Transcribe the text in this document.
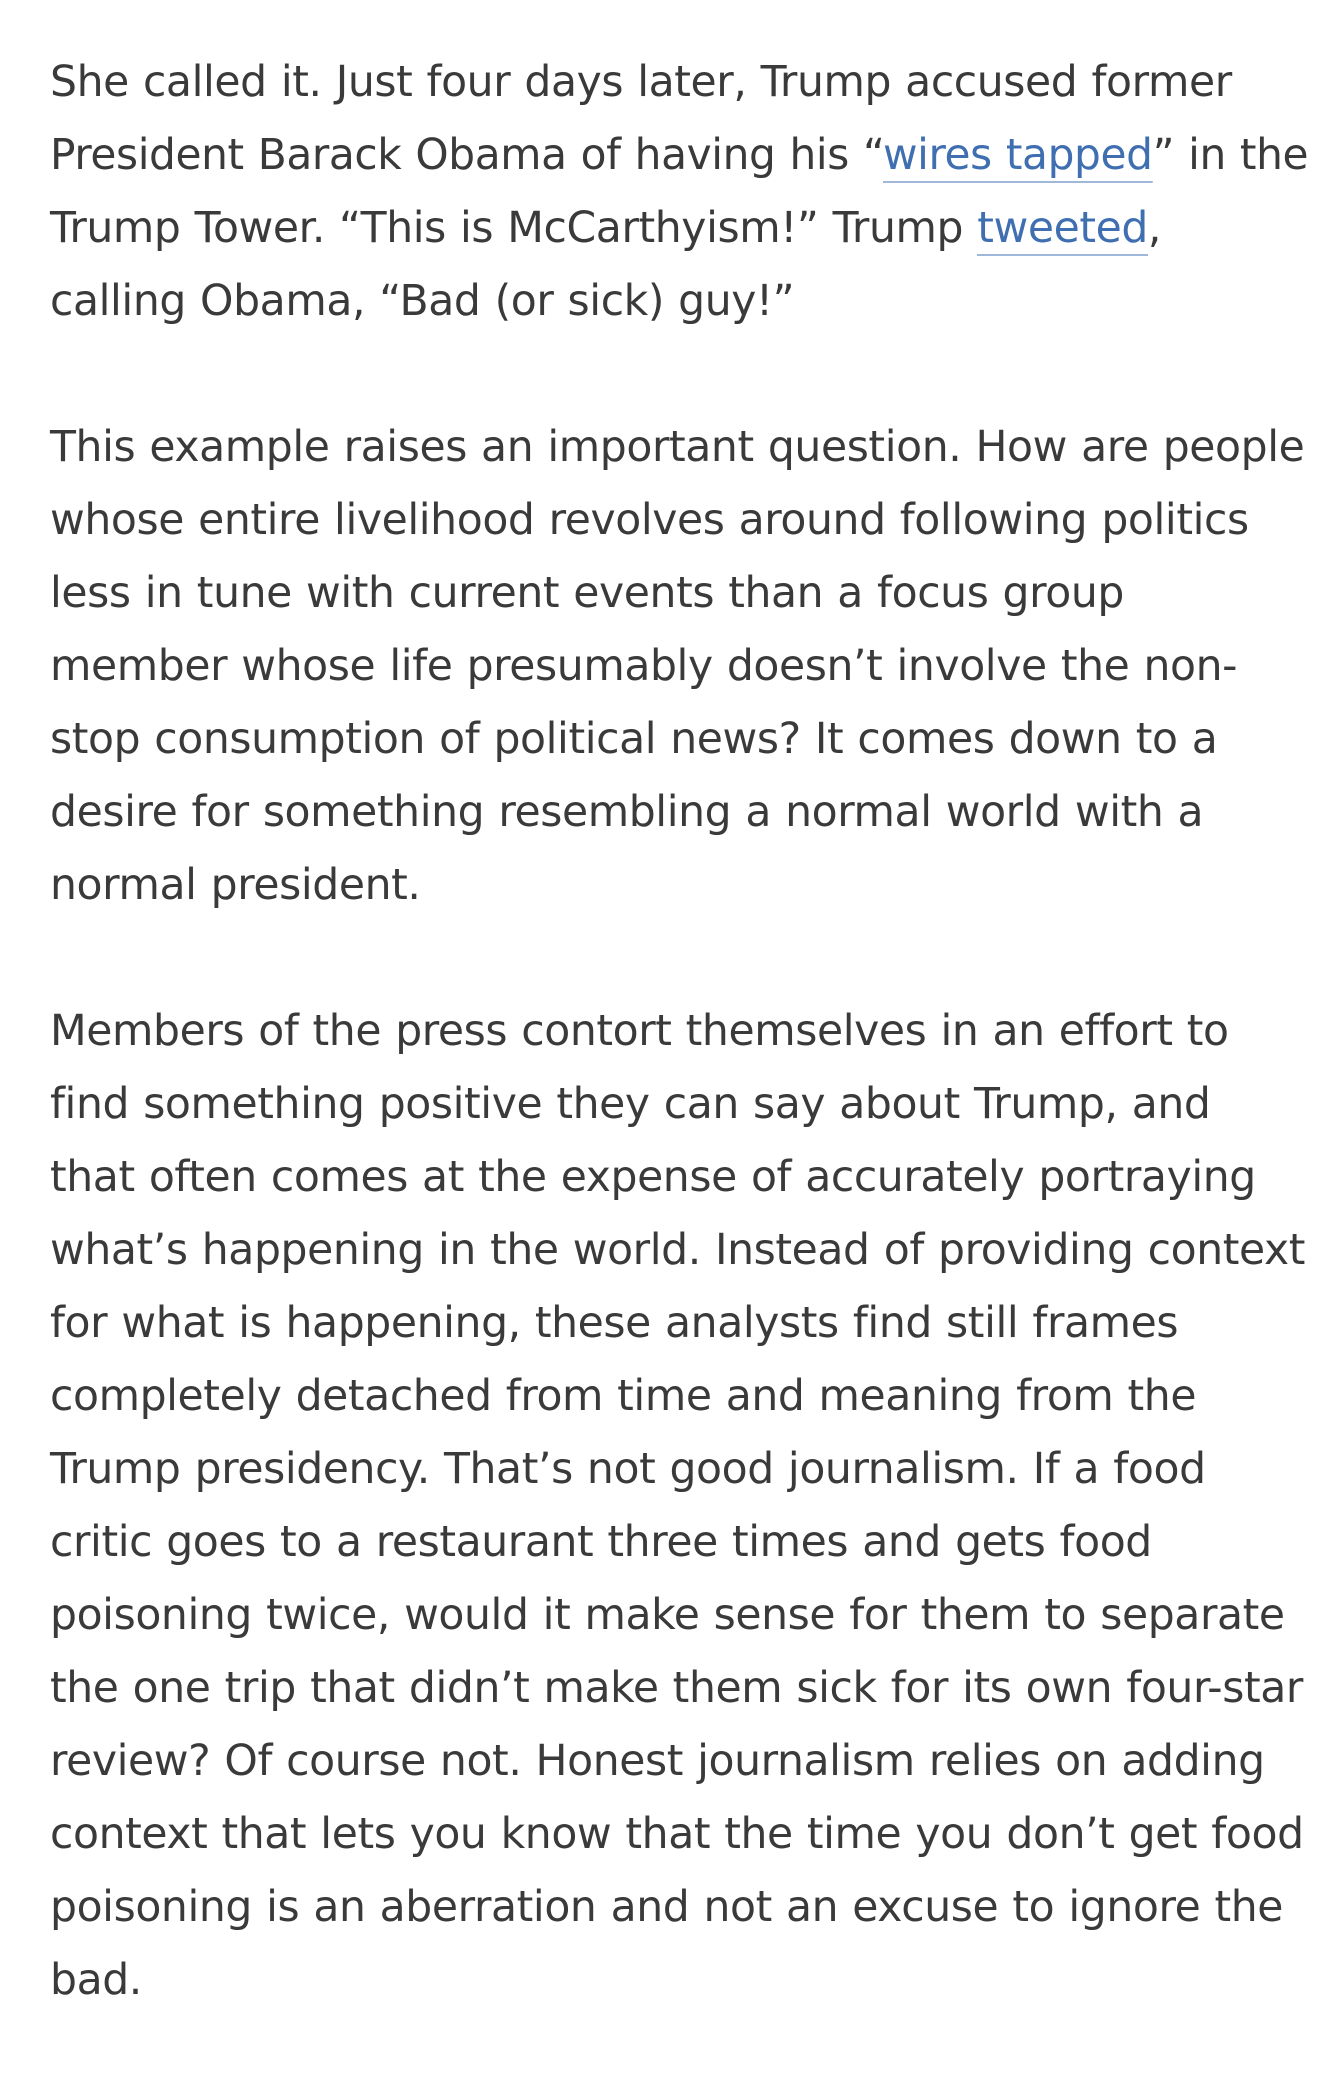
She called it. Just four days later, Trump accused former
President Barack Obama of having his “wires tapped” in the
Trump Tower. “This is McCarthyism!” Trump tweeted,
calling Obama, “Bad (or sick) guy!”

This example raises an important question. How are people
whose entire livelihood revolves around following politics
less in tune with current events than a focus group
member whose life presumably doesn’t involve the non-
stop consumption of political news? It comes down to a
desire for something resembling a normal world with a
normal president.

Members of the press contort themselves in an effort to
find something positive they can say about Trump, and
that often comes at the expense of accurately portraying
what’s happening in the world. Instead of providing context
for what is happening, these analysts find still frames
completely detached from time and meaning from the
Trump presidency. That’s not good journalism. If a food
critic goes to a restaurant three times and gets food
poisoning twice, would it make sense for them to separate
the one trip that didn’t make them sick for its own four-star
review? Of course not. Honest journalism relies on adding
context that lets you know that the time you don’t get food
poisoning is an aberration and not an excuse to ignore the
bad.
